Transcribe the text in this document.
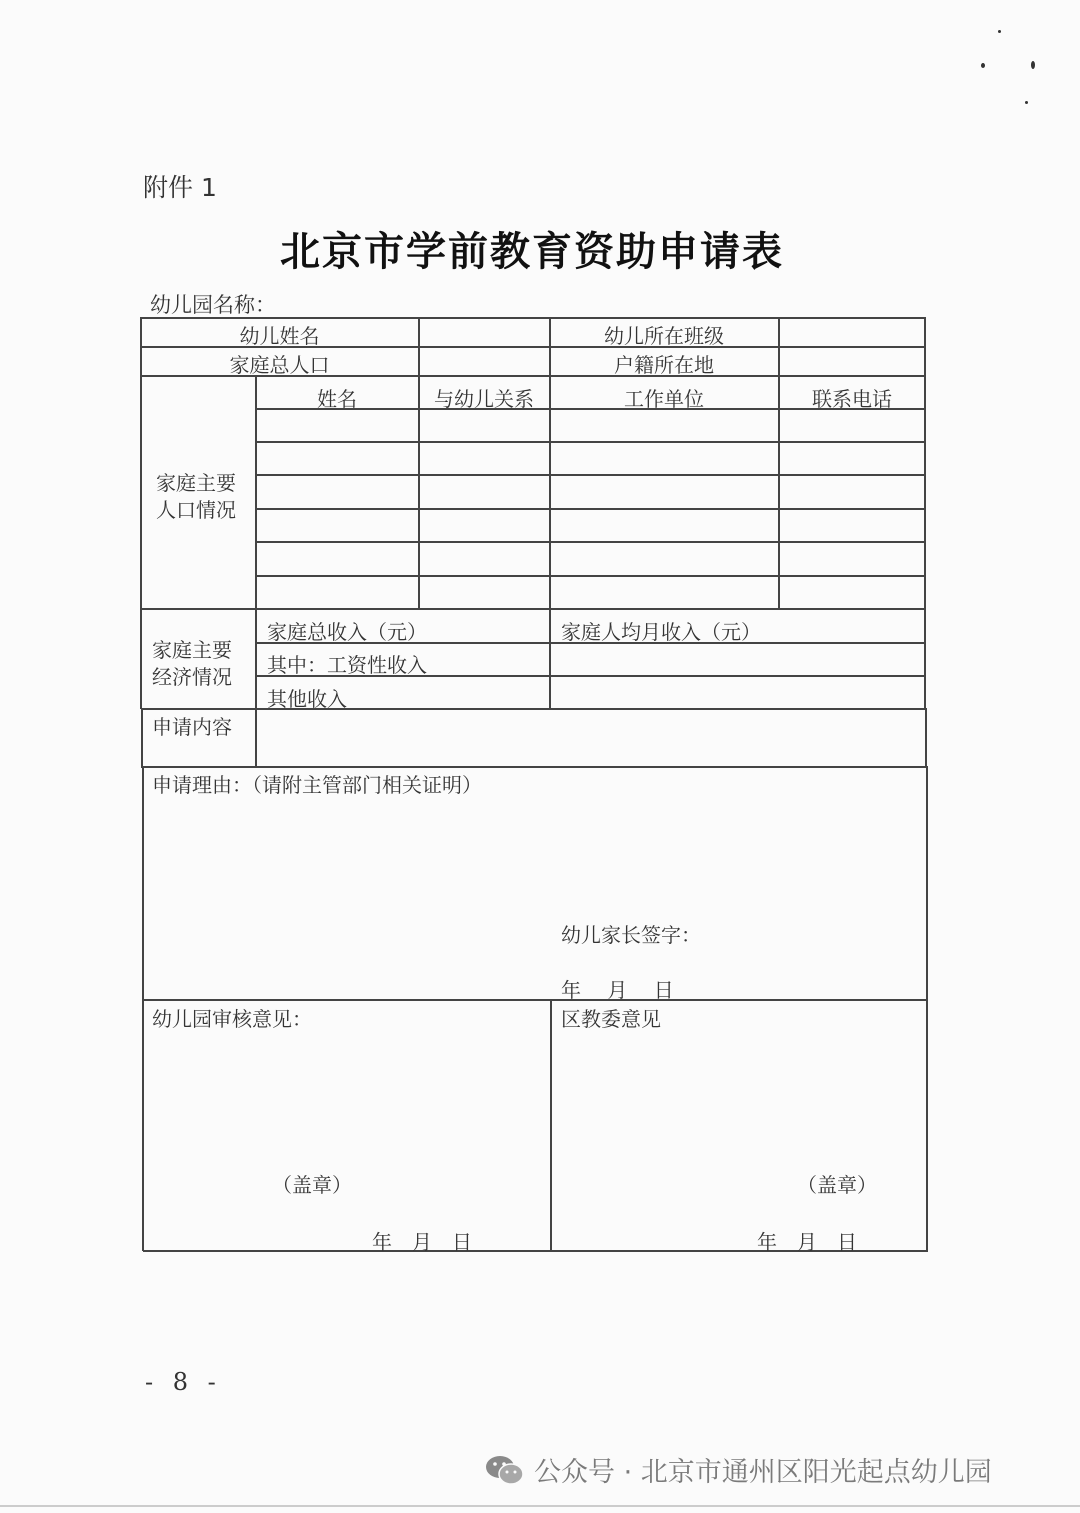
附件 1
北京市学前教育资助申请表
幼儿园名称：
幼儿姓名	幼儿所在班级
家庭总人口	户籍所在地
家庭主要
人口情况
姓名	与幼儿关系	工作单位	联系电话
家庭主要
经济情况
家庭总收入（元）	家庭人均月收入（元）
其中：工资性收入
其他收入
申请内容
申请理由：（请附主管部门相关证明）
幼儿家长签字：
年　 月　 日
幼儿园审核意见：
（盖章）
年　月　日
区教委意见
（盖章）
年　月　日
- 8 -
公众号 · 北京市通州区阳光起点幼儿园
